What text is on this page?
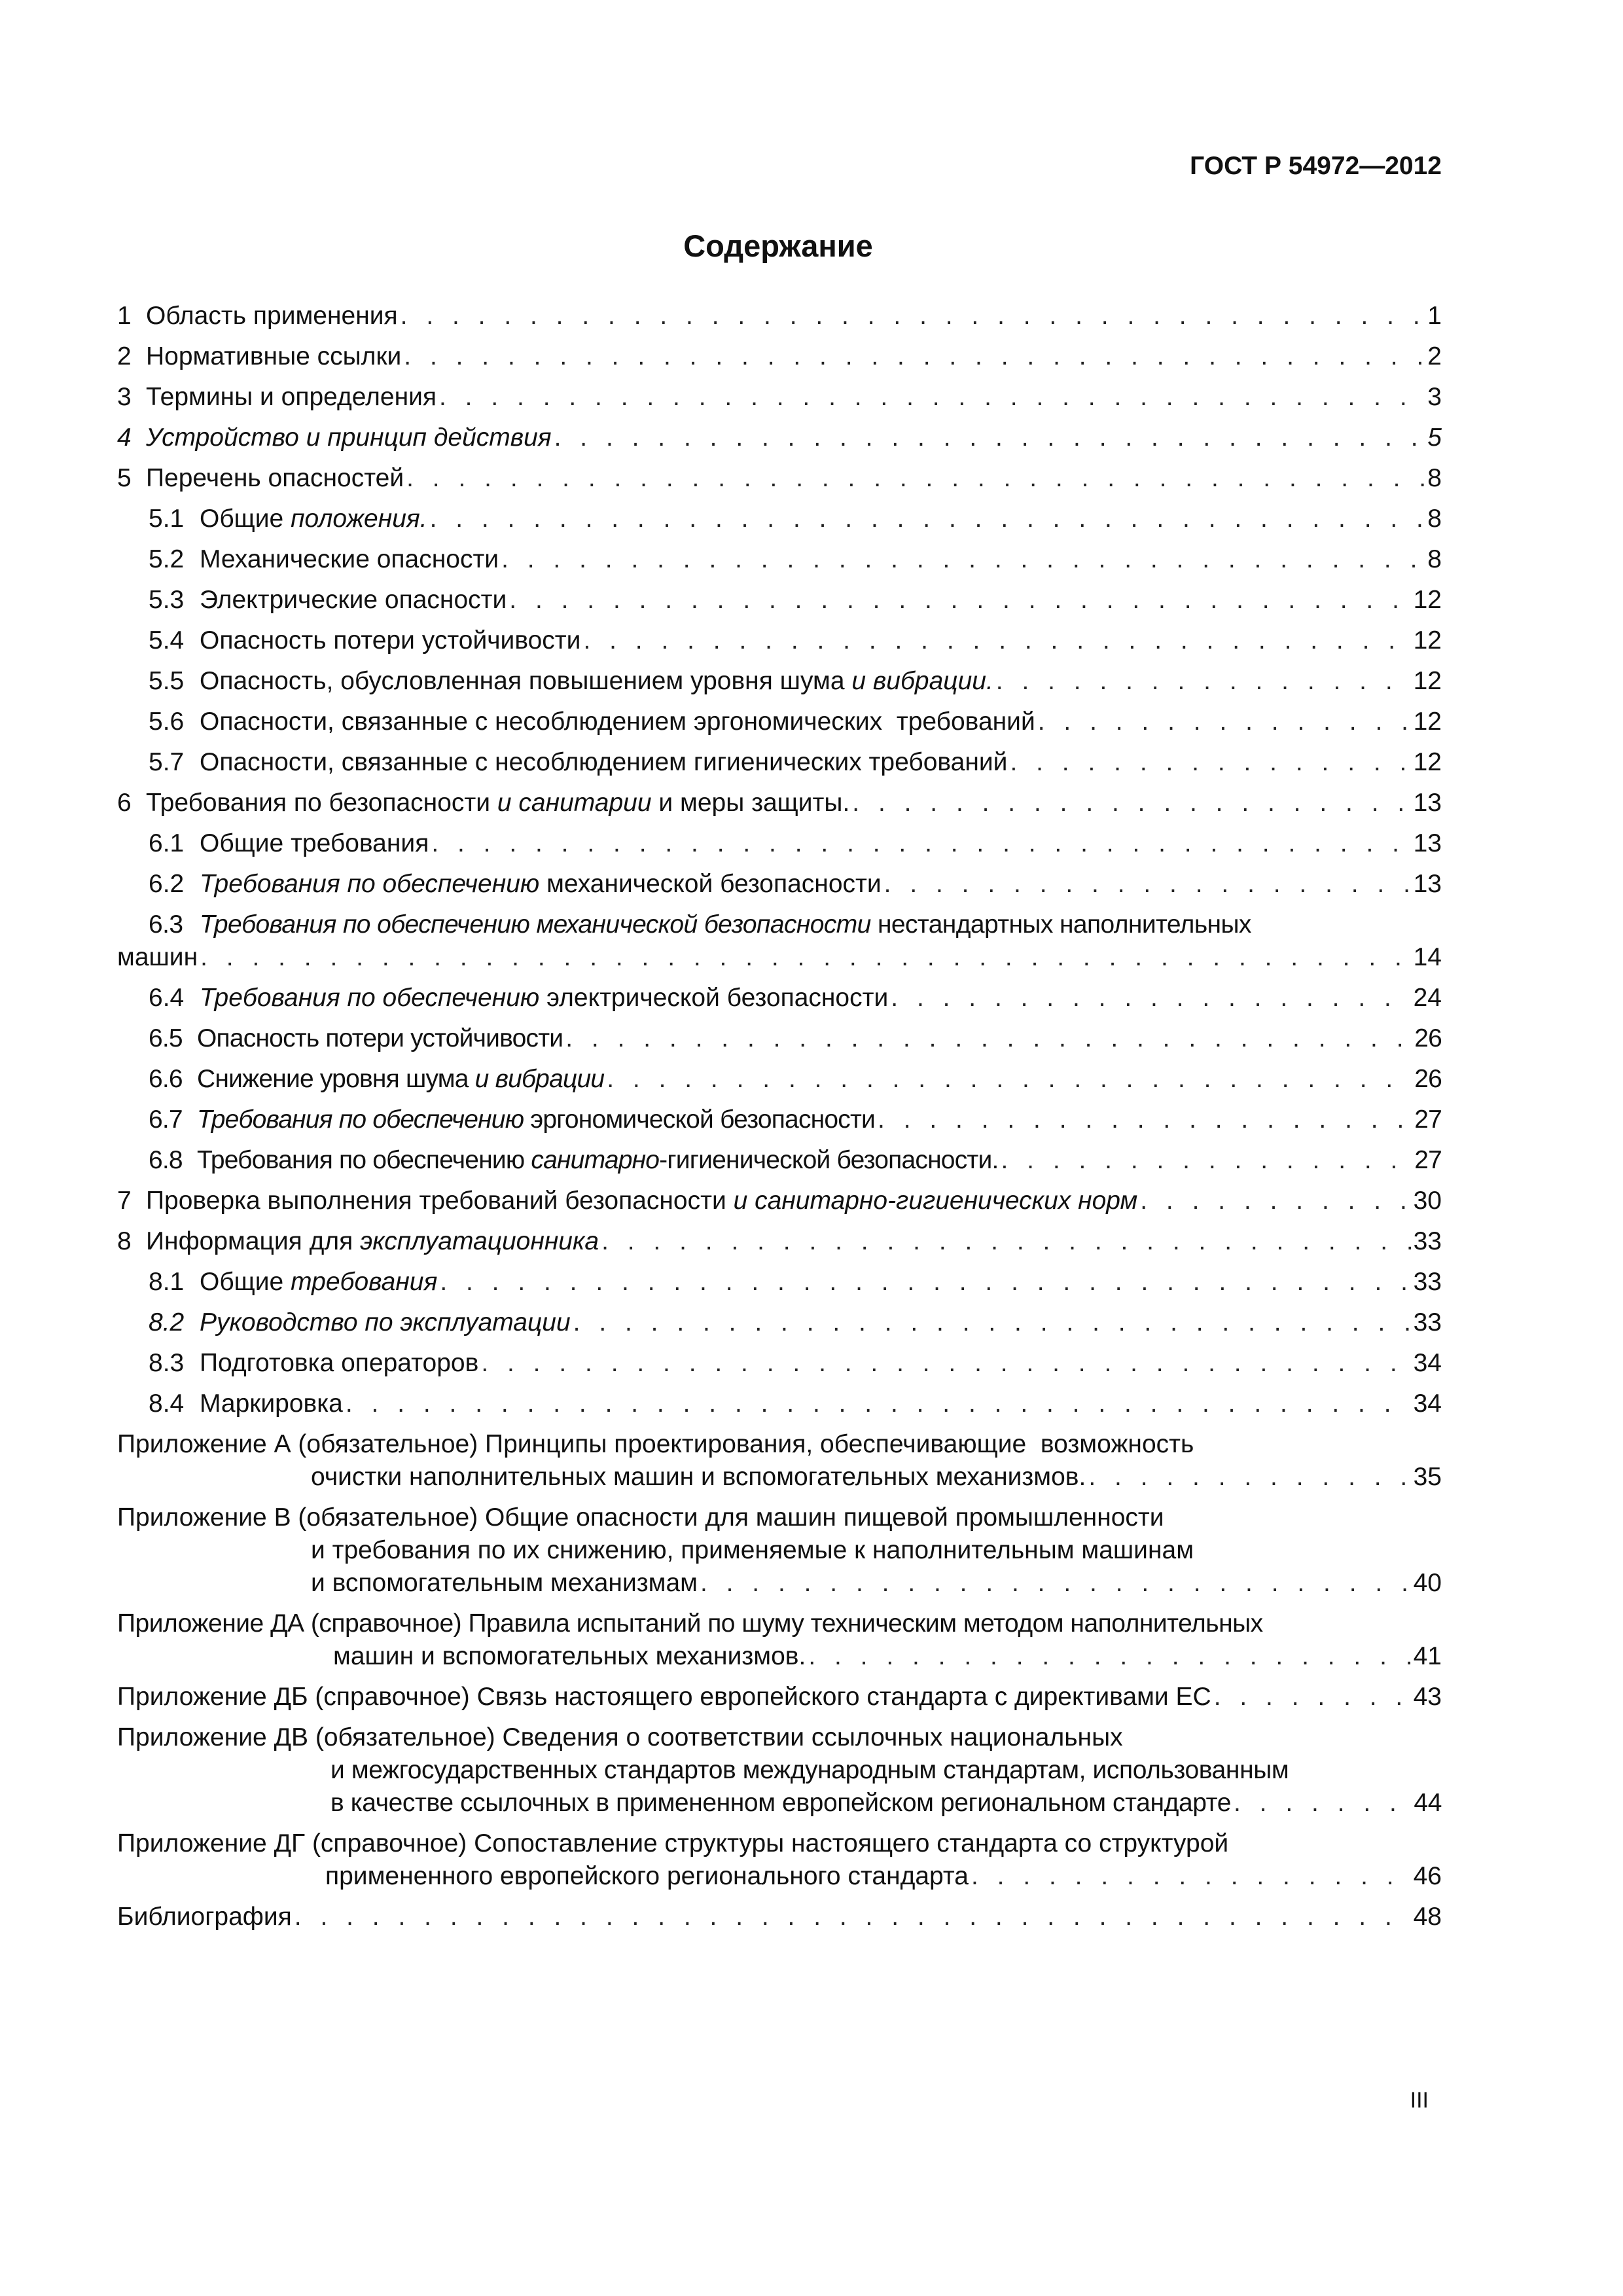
ГОСТ Р 54972—2012
Содержание
1 Область применения . . .	1
2 Нормативные ссылки . . .	2
3 Термины и определения . . .	3
4 Устройство и принцип действия . . .	5
5 Перечень опасностей . . .	8
5.1 Общие положения. . . .	8
5.2 Механические опасности . . .	8
5.3 Электрические опасности . . .	12
5.4 Опасность потери устойчивости . . .	12
5.5 Опасность, обусловленная повышением уровня шума и вибрации. . . .	12
5.6 Опасности, связанные с несоблюдением эргономических  требований . . .	12
5.7 Опасности, связанные с несоблюдением гигиенических требований . . .	12
6 Требования по безопасности и санитарии и меры защиты. . . .	13
6.1 Общие требования . . .	13
6.2 Требования по обеспечению механической безопасности . . .	13
6.3 Требования по обеспечению механической безопасности нестандартных наполнительных
машин . . .	14
6.4 Требования по обеспечению электрической безопасности . . .	24
6.5 Опасность потери устойчивости . . .	26
6.6 Снижение уровня шума и вибрации . . .	26
6.7 Требования по обеспечению эргономической безопасности . . .	27
6.8 Требования по обеспечению санитарно-гигиенической безопасности. . . .	27
7 Проверка выполнения требований безопасности и санитарно-гигиенических норм . . .	30
8 Информация для эксплуатационника . . .	33
8.1 Общие требования . . .	33
8.2 Руководство по эксплуатации . . .	33
8.3 Подготовка операторов . . .	34
8.4 Маркировка . . .	34
Приложение А (обязательное) Принципы проектирования, обеспечивающие  возможность
очистки наполнительных машин и вспомогательных механизмов. . . .	35
Приложение В (обязательное) Общие опасности для машин пищевой промышленности
и требования по их снижению, применяемые к наполнительным машинам
и вспомогательным механизмам . . .	40
Приложение ДА (справочное) Правила испытаний по шуму техническим методом наполнительных
машин и вспомогательных механизмов. . . .	41
Приложение ДБ (справочное) Связь настоящего европейского стандарта с директивами ЕС . . .	43
Приложение ДВ (обязательное) Сведения о соответствии ссылочных национальных
и межгосударственных стандартов международным стандартам, использованным
в качестве ссылочных в примененном европейском региональном стандарте . . .	44
Приложение ДГ (справочное) Сопоставление структуры настоящего стандарта со структурой
примененного европейского регионального стандарта . . .	46
Библиография . . .	48
III
